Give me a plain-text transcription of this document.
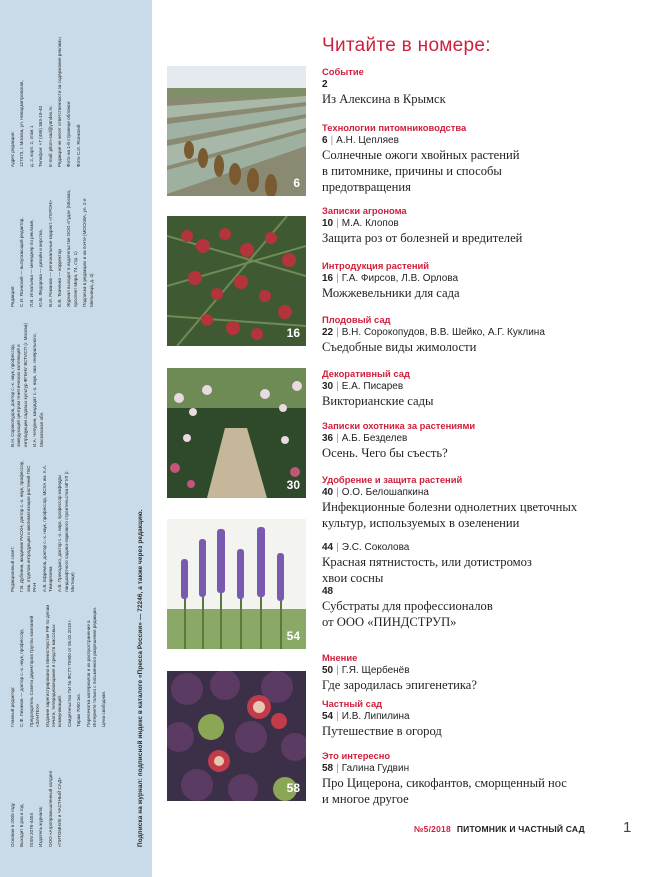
Основан в 2005 году Выходит 6 раз в год ISSN 2076-445X Издатель журнала: ООО «Агропромышленный холдинг «ПИТОМНИК и ЧАСТНЫЙ САД»

Главный редактор: С.Ф. Лиханов — доктор с.-х. наук, профессор, Председатель Совета директоров Группы компаний «ЗИНТЕХ» Издание зарегистрировано в Министерстве РФ по делам печати, телерадиовещания и средств массовых коммуникаций. Свидетельство ПИ № ФС77-75900 от 05.02.2019 г. Тираж 7000 экз. Перепечатка материалов и их распространение в Интернете только с письменного разрешения редакции. Цена свободная.

Редакционный совет: Г.В. Дубинин, академик РАСХН, доктор с.-х. наук, профессор, зав. отделом интродукции и акклиматизации растений ГБС РАН А.В. Ефремов, доктор с.-х. наук, профессор, МСХА им. К.А. Тимирязева А.В. Приходько, доктор с.-х. наук, профессор кафедры ландшафтного садово-паркового строительства МГУЛ (г. Мытищи)

В.Н. Сорокопудов, доктор с.-х. наук, профессор, заведующий центром генетических коллекций и интродукции садовых культур ФГБНУ ВСТИСП (г. Москва) И.А. Чепурин, кандидат с.-х. наук, зам. генерального, Московская обл.

Редакция: С.И. Ясинский — выпускающий редактор, Л.В. Игнатьева — менеджер по рекламе, Ю.В. Федорова — дизайн и верстка, В.И. Романов — региональные коррект. «ГЕРОН» Е.В. Ткаченко — корректор Журнал выходит в издательстве ООО «Гуда» (Москва, проспект Мира, 74, стр. 1) Подписка в редакцию и на почте (МОСКВА, ул. 2-я Мельница, д. 4)

Адрес редакции: 127473, г. Москва, ул. Новодмитровская, д. 2, корп. 2, этаж 1 Телефон: +7 (495) 363-19-40 E-mail: pitom-sad@yandex.ru Редакция не несет ответственности за содержание рекламы Фото на 1-й странице обложки: Фото С.И. Ясинский

Подписка на журнал: подписной индекс в каталоге «Пресса России» — 72246, а также через редакцию.
6
16
30
54
58
Читайте в номере:
Событие
2
Из Алексина в Крымск
Технологии питомниководства
6 | А.Н. Цепляев
Солнечные ожоги хвойных растений
в питомнике, причины и способы
предотвращения
Записки агронома
10 | М.А. Клопов
Защита роз от болезней и вредителей
Интродукция растений
16 | Г.А. Фирсов, Л.В. Орлова
Можжевельники для сада
Плодовый сад
22 | В.Н. Сорокопудов, В.В. Шейко, А.Г. Куклина
Съедобные виды жимолости
Декоративный сад
30 | Е.А. Писарев
Викторианские сады
Записки охотника за растениями
36 | А.Б. Безделев
Осень. Чего бы съесть?
Удобрение и защита растений
40 | О.О. Белошапкина
Инфекционные болезни однолетних цветочных
культур, используемых в озеленении
44 | Э.С. Соколова
Красная пятнистость, или дотистромоз
хвои сосны
48
Субстраты для профессионалов
от ООО «ПИНДСТРУП»
Мнение
50 | Г.Я. Щербенёв
Где зародилась эпигенетика?
Частный сад
54 | И.В. Липилина
Путешествие в огород
Это интересно
58 | Галина Гудвин
Про Цицерона, сикофантов, сморщенный нос
и многое другое
№5/2018 ПИТОМНИК И ЧАСТНЫЙ САД	1
